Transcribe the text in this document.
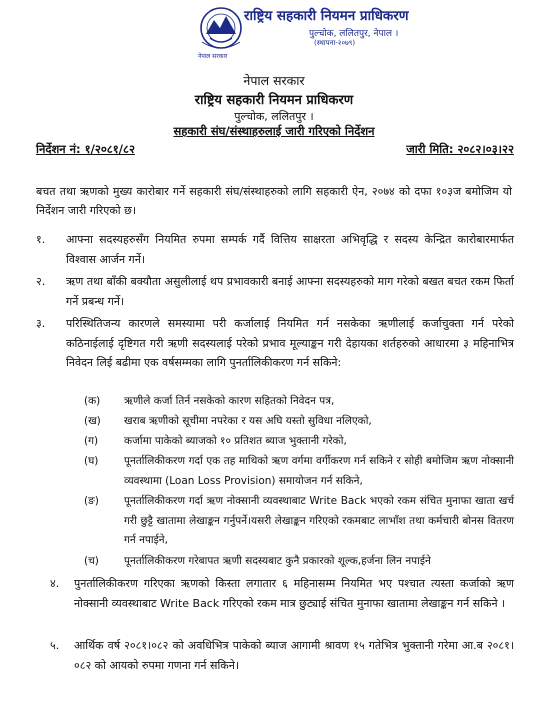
राष्ट्रिय सहकारी नियमन प्राधिकरण
पुल्चोक, ललितपुर, नेपाल ।
(स्थापना-२०७९)
नेपाल सरकार
नेपाल सरकार
राष्ट्रिय सहकारी नियमन प्राधिकरण
पुल्चोक, ललितपुर ।
सहकारी संघ/संस्थाहरुलाई जारी गरिएको निर्देशन
निर्देशन नं: १/२०८१/८२	जारी मिति: २०८२।०३।२२
बचत तथा ऋणको मुख्य कारोबार गर्ने सहकारी संघ/संस्थाहरुको लागि सहकारी ऐन, २०७४ को दफा १०३ज बमोजिम यो निर्देशन जारी गरिएको छ।
१. आफ्ना सदस्यहरुसँग नियमित रुपमा सम्पर्क गर्दै वित्तिय साक्षरता अभिवृद्धि र सदस्य केन्द्रित कारोबारमार्फत विश्वास आर्जन गर्ने।
२. ऋण तथा बाँकी बक्यौता असुलीलाई थप प्रभावकारी बनाई आफ्ना सदस्यहरुको माग गरेको बखत बचत रकम फिर्ता गर्ने प्रबन्ध गर्ने।
३. परिस्थितिजन्य कारणले समस्यामा परी कर्जालाई नियमित गर्न नसकेका ऋणीलाई कर्जाचुक्ता गर्न परेको कठिनाईलाई दृष्टिगत गरी ऋणी सदस्यलाई परेको प्रभाव मूल्याङ्कन गरी देहायका शर्तहरुको आधारमा ३ महिनाभित्र निवेदन लिई बढीमा एक वर्षसम्मका लागि पुनर्तालिकीकरण गर्न सकिने:
(क) ऋणीले कर्जा तिर्न नसकेको कारण सहितको निवेदन पत्र,
(ख) खराब ऋणीको सूचीमा नपरेका र यस अघि यस्तो सुविधा नलिएको,
(ग) कर्जामा पाकेको ब्याजको १० प्रतिशत ब्याज भुक्तानी गरेको,
(घ) पूनर्तालिकीकरण गर्दा एक तह माथिको ऋण वर्गमा वर्गीकरण गर्न सकिने र सोही बमोजिम ऋण नोक्सानी व्यवस्थामा (Loan Loss Provision) समायोजन गर्न सकिने,
(ङ) पूनर्तालिकीकरण गर्दा ऋण नोक्सानी व्यवस्थाबाट Write Back भएको रकम संचित मुनाफा खाता खर्च गरी छुट्टै खातामा लेखाङ्कन गर्नुपर्ने।यसरी लेखाङ्कन गरिएको रकमबाट लाभाँश तथा कर्मचारी बोनस वितरण गर्न नपाईने,
(च) पूनर्तालिकीकरण गरेबापत ऋणी सदस्यबाट कुनै प्रकारको शूल्क,हर्जना लिन नपाईने
४. पुनर्तालिकीकरण गरिएका ऋणको किस्ता लगातार ६ महिनासम्म नियमित भए पश्चात त्यस्ता कर्जाको ऋण नोक्सानी व्यवस्थाबाट Write Back गरिएको रकम मात्र छुट्याई संचित मुनाफा खातामा लेखाङ्कन गर्न सकिने ।
५. आर्थिक वर्ष २०८१।०८२ को अवधिभित्र पाकेको ब्याज आगामी श्रावण १५ गतेभित्र भुक्तानी गरेमा आ.ब २०८१।०८२ को आयको रुपमा गणना गर्न सकिने।
